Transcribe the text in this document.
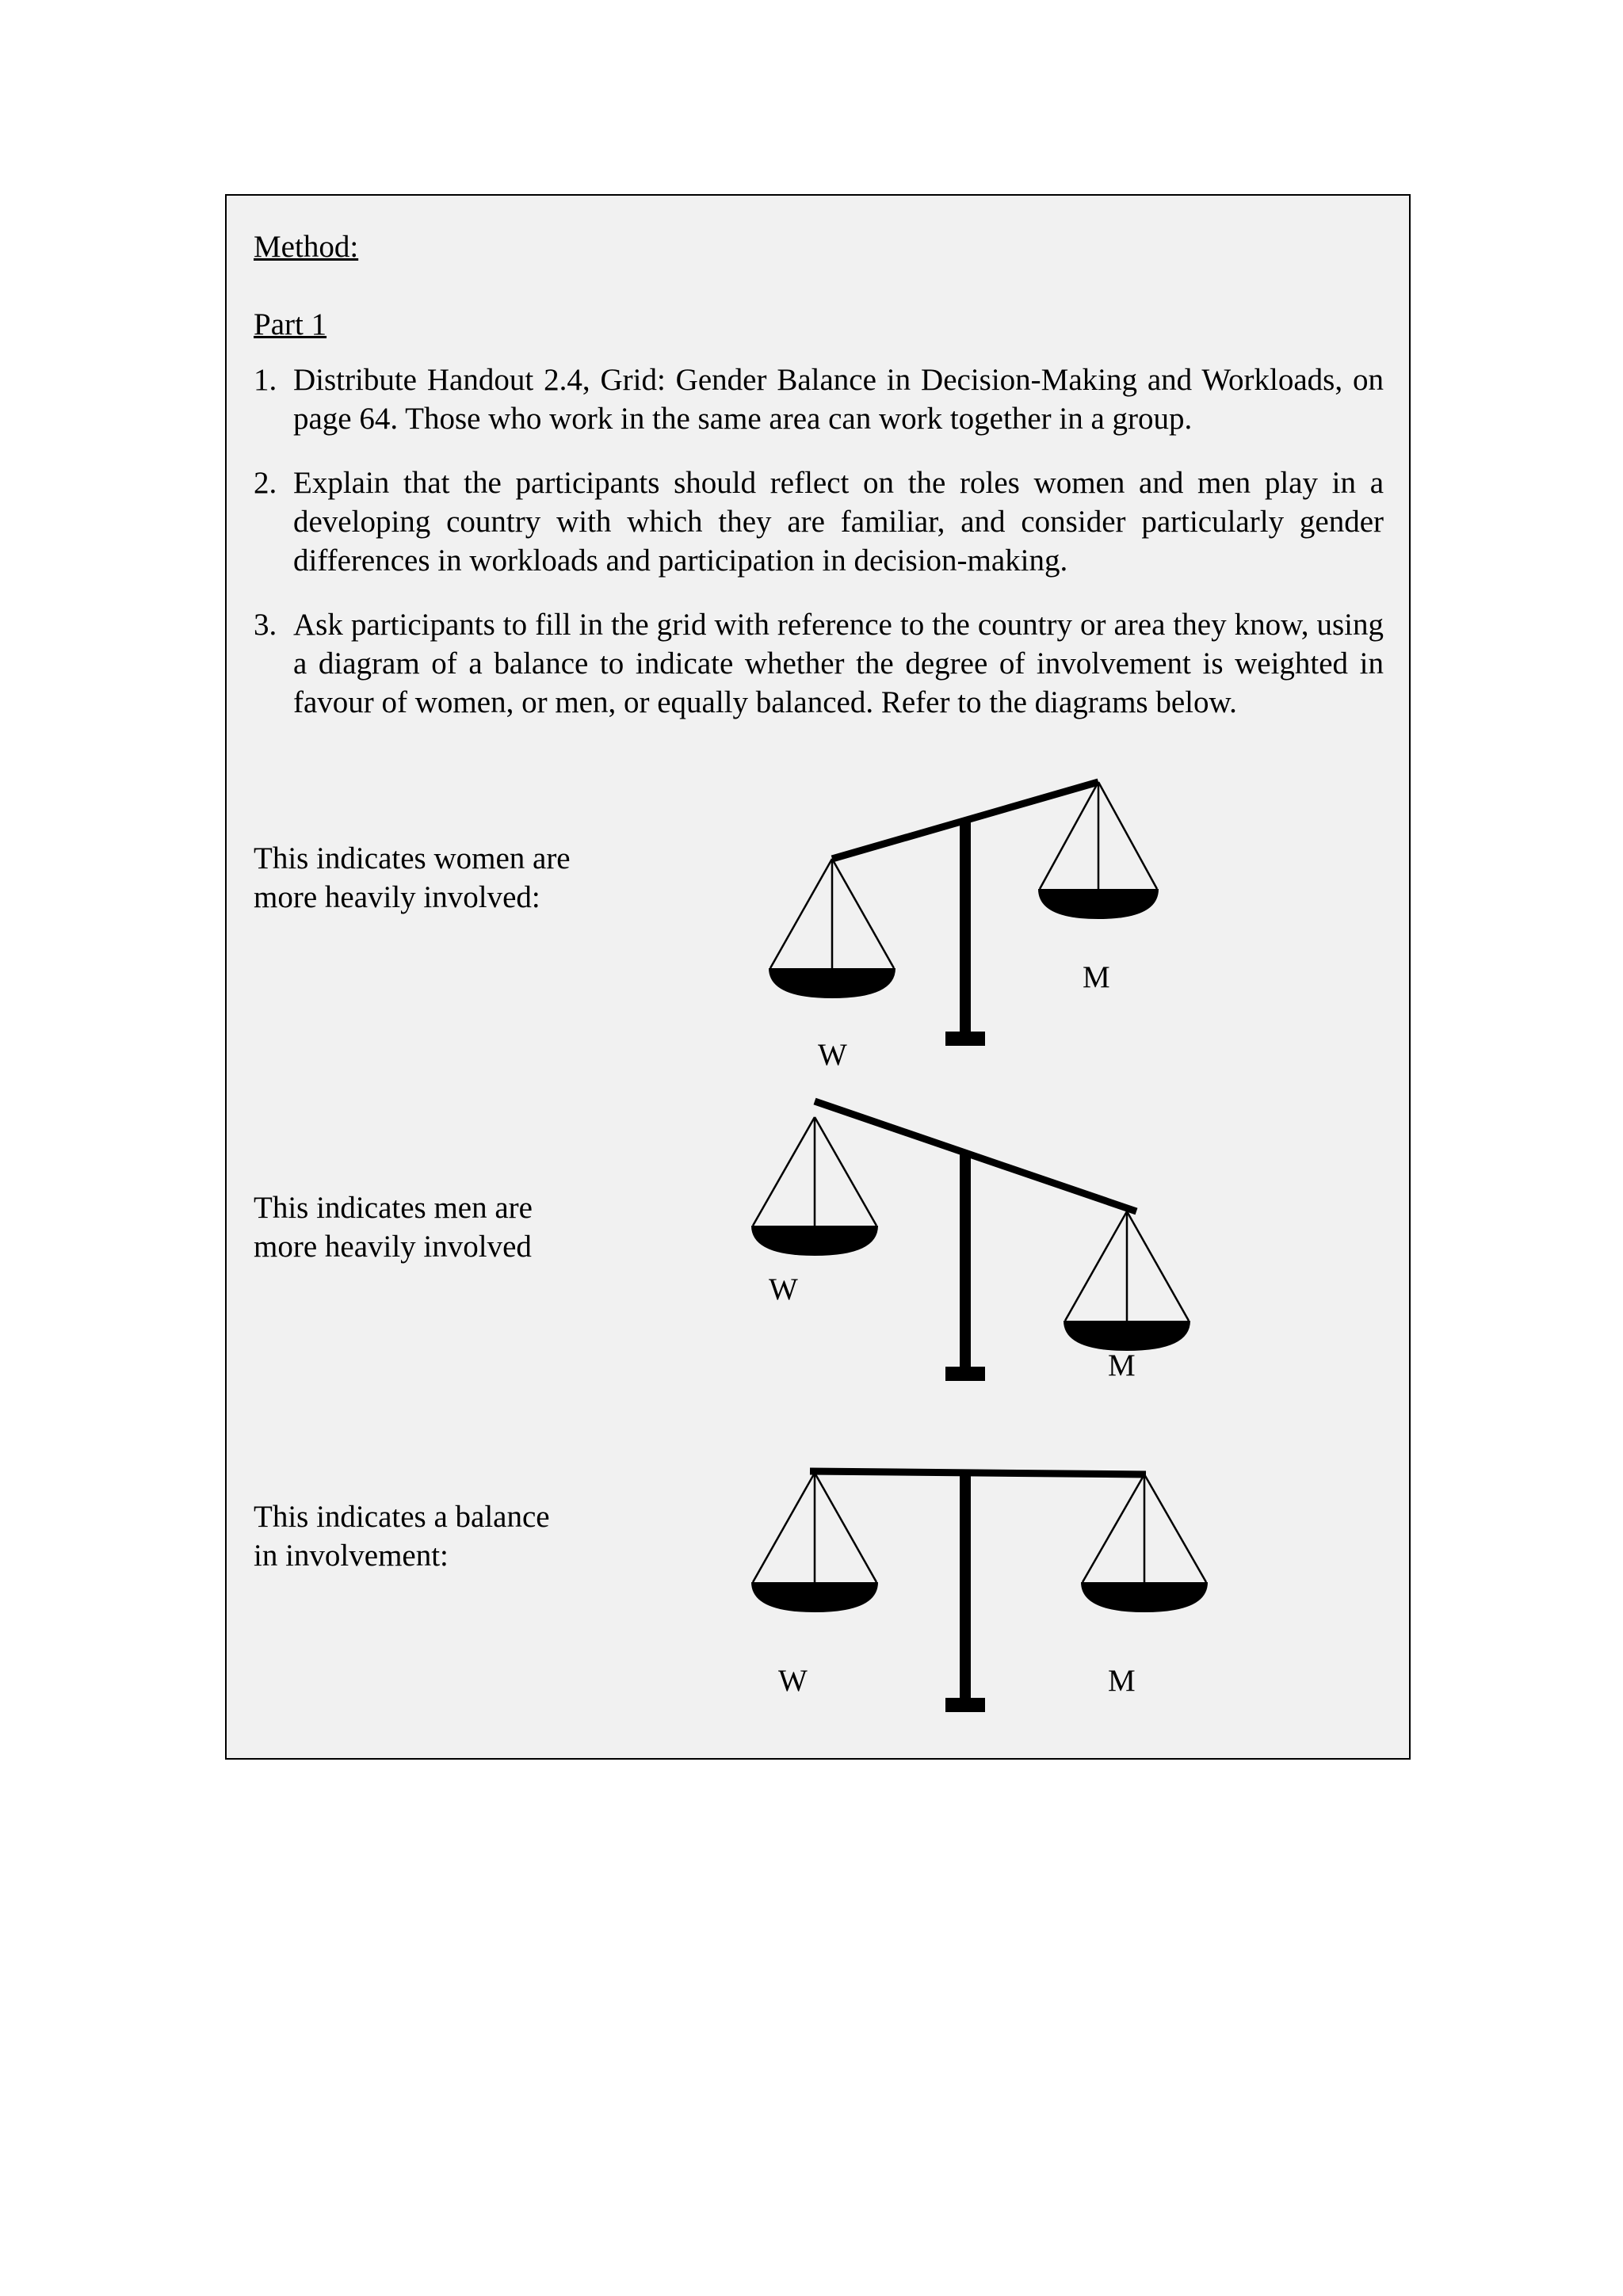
Method:

Part 1

1. Distribute Handout 2.4, Grid: Gender Balance in Decision-Making and Workloads, on page 64. Those who work in the same area can work together in a group.
2. Explain that the participants should reflect on the roles women and men play in a developing country with which they are familiar, and consider particularly gender differences in workloads and participation in decision-making.
3. Ask participants to fill in the grid with reference to the country or area they know, using a diagram of a balance to indicate whether the degree of involvement is weighted in favour of women, or men, or equally balanced. Refer to the diagrams below.
This indicates women are
more heavily involved:
This indicates men are
more heavily involved
This indicates a balance
in involvement:
M
W
W
M
W	M
